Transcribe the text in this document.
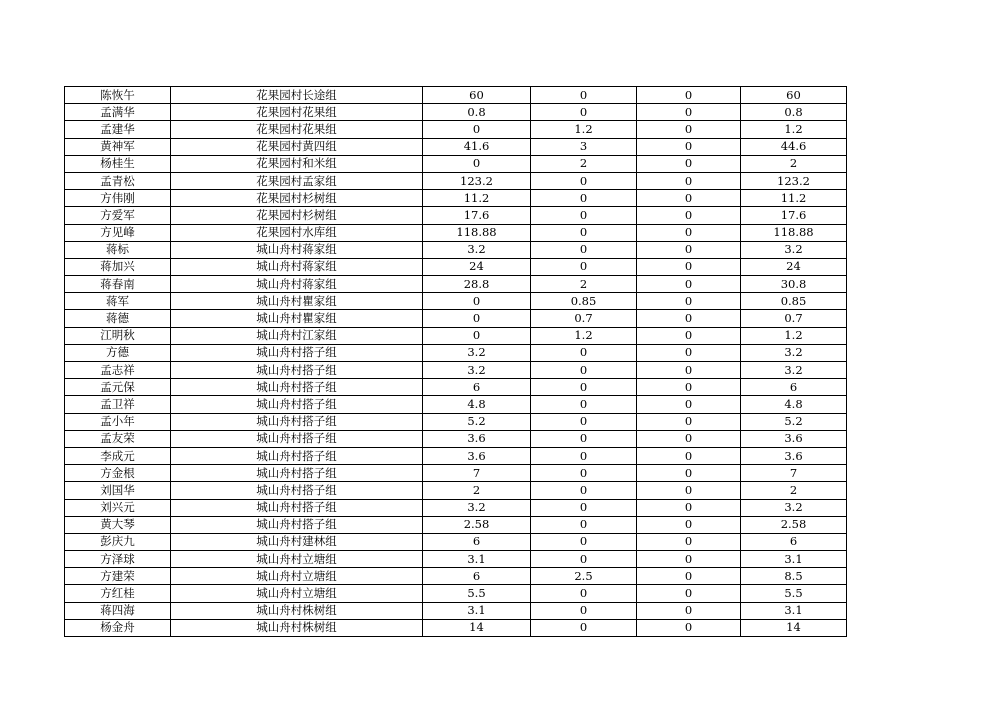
陈恢午	花果园村长途组	60	0	0	60
孟满华	花果园村花果组	0.8	0	0	0.8
孟建华	花果园村花果组	0	1.2	0	1.2
黄神军	花果园村黄四组	41.6	3	0	44.6
杨桂生	花果园村和米组	0	2	0	2
孟青松	花果园村孟家组	123.2	0	0	123.2
方伟刚	花果园村杉树组	11.2	0	0	11.2
方爱军	花果园村杉树组	17.6	0	0	17.6
方见峰	花果园村水库组	118.88	0	0	118.88
蒋标	城山舟村蒋家组	3.2	0	0	3.2
蒋加兴	城山舟村蒋家组	24	0	0	24
蒋春南	城山舟村蒋家组	28.8	2	0	30.8
蒋军	城山舟村瞿家组	0	0.85	0	0.85
蒋德	城山舟村瞿家组	0	0.7	0	0.7
江明秋	城山舟村江家组	0	1.2	0	1.2
方德	城山舟村搭子组	3.2	0	0	3.2
孟志祥	城山舟村搭子组	3.2	0	0	3.2
孟元保	城山舟村搭子组	6	0	0	6
孟卫祥	城山舟村搭子组	4.8	0	0	4.8
孟小年	城山舟村搭子组	5.2	0	0	5.2
孟友荣	城山舟村搭子组	3.6	0	0	3.6
李成元	城山舟村搭子组	3.6	0	0	3.6
方金根	城山舟村搭子组	7	0	0	7
刘国华	城山舟村搭子组	2	0	0	2
刘兴元	城山舟村搭子组	3.2	0	0	3.2
黄大琴	城山舟村搭子组	2.58	0	0	2.58
彭庆九	城山舟村建林组	6	0	0	6
方泽球	城山舟村立塘组	3.1	0	0	3.1
方建荣	城山舟村立塘组	6	2.5	0	8.5
方红桂	城山舟村立塘组	5.5	0	0	5.5
蒋四海	城山舟村株树组	3.1	0	0	3.1
杨金舟	城山舟村株树组	14	0	0	14
